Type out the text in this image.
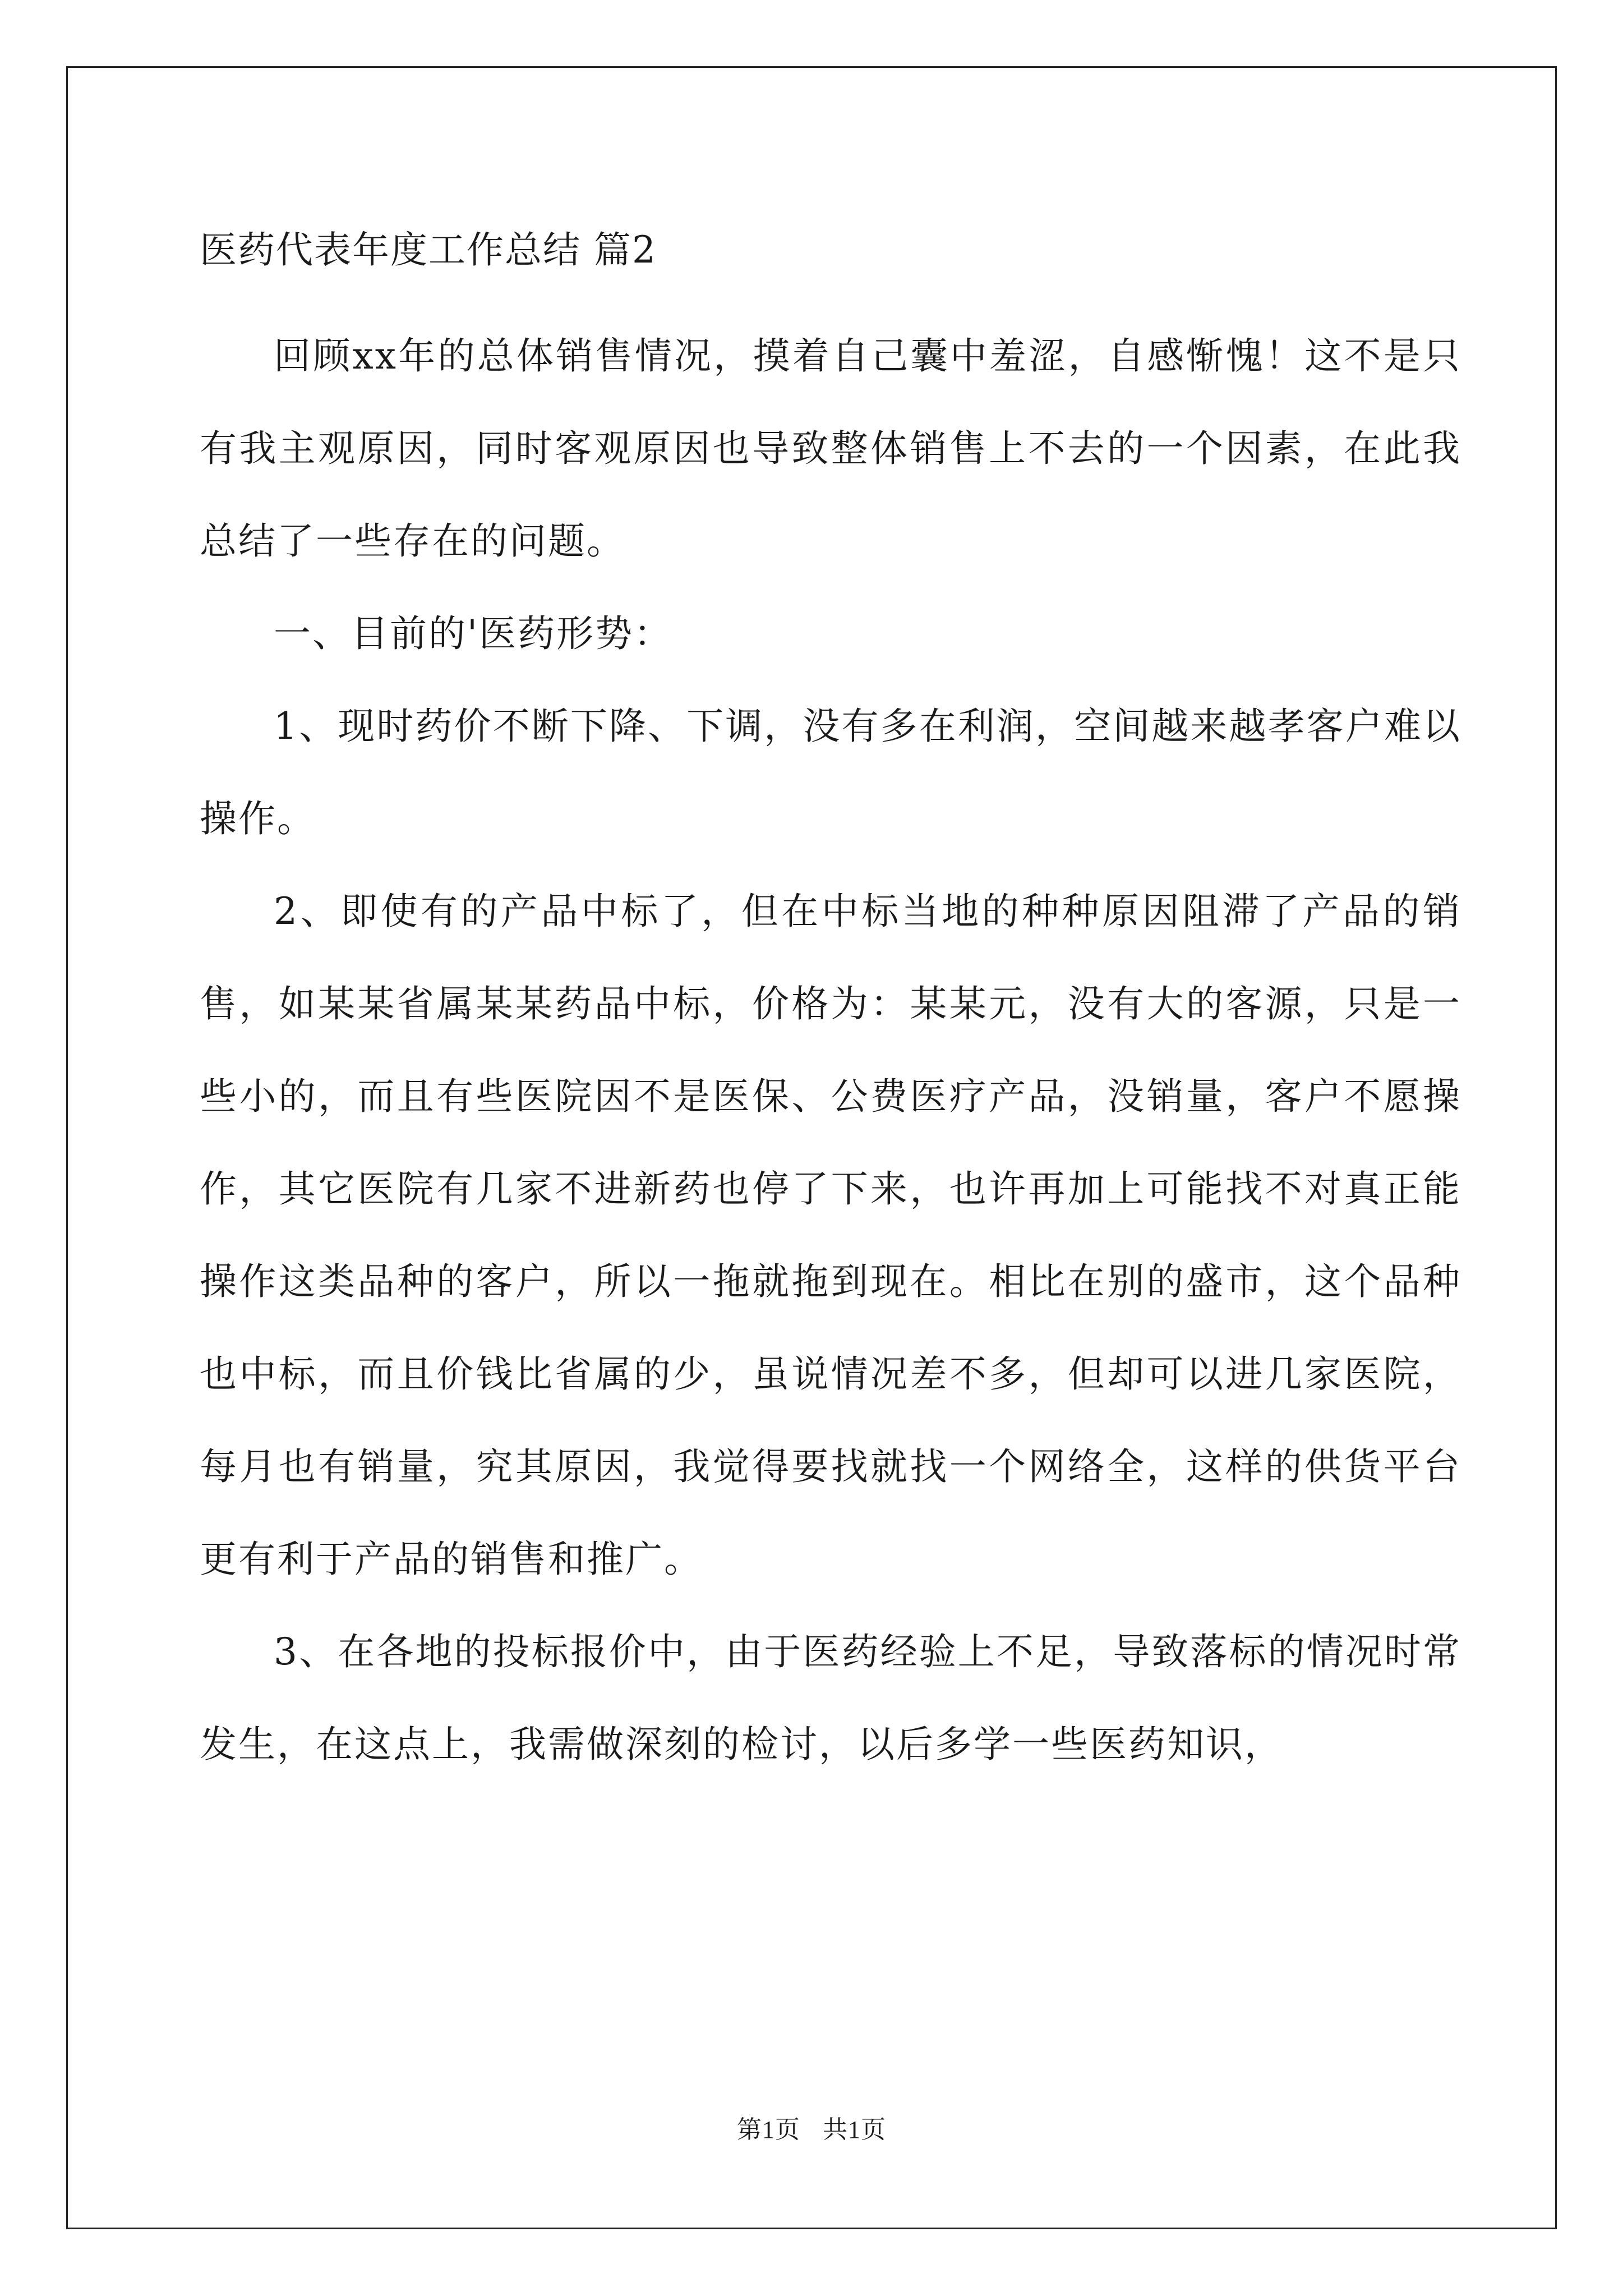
医药代表年度工作总结 篇2

回顾xx年的总体销售情况，摸着自己囊中羞涩，自感惭愧！这不是只有我主观原因，同时客观原因也导致整体销售上不去的一个因素，在此我总结了一些存在的问题。

一、目前的'医药形势：

1、现时药价不断下降、下调，没有多在利润，空间越来越孝客户难以操作。

2、即使有的产品中标了，但在中标当地的种种原因阻滞了产品的销售，如某某省属某某药品中标，价格为：某某元，没有大的客源，只是一些小的，而且有些医院因不是医保、公费医疗产品，没销量，客户不愿操作，其它医院有几家不进新药也停了下来，也许再加上可能找不对真正能操作这类品种的客户，所以一拖就拖到现在。相比在别的盛市，这个品种也中标，而且价钱比省属的少，虽说情况差不多，但却可以进几家医院，每月也有销量，究其原因，我觉得要找就找一个网络全，这样的供货平台更有利于产品的销售和推广。

3、在各地的投标报价中，由于医药经验上不足，导致落标的情况时常发生，在这点上，我需做深刻的检讨，以后多学一些医药知识，

第1页 共1页
